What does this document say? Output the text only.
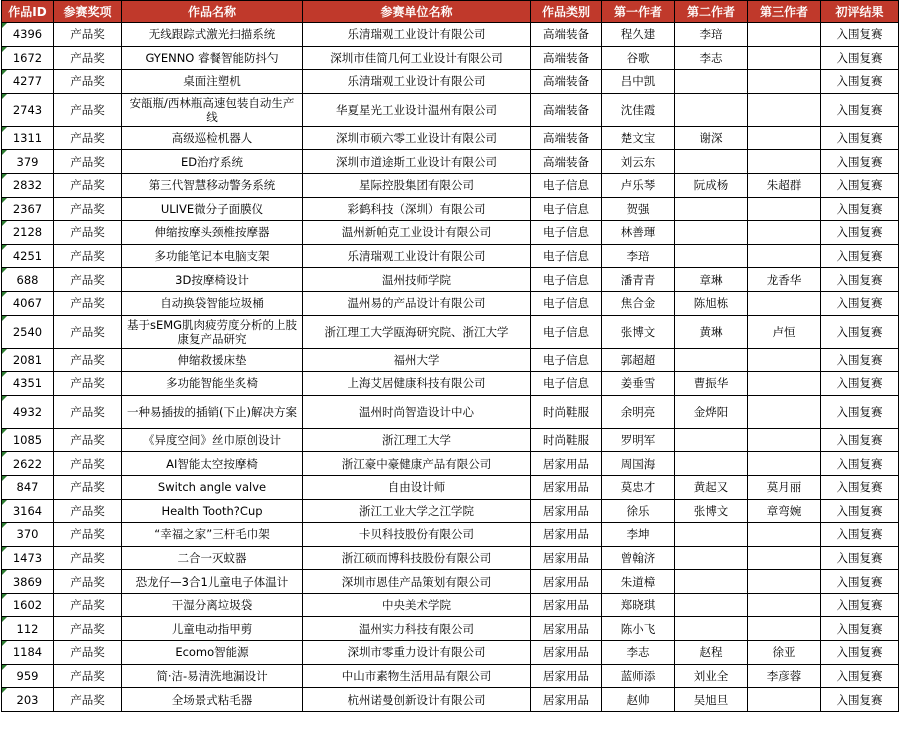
作品ID	参赛奖项	作品名称	参赛单位名称	作品类别	第一作者	第二作者	第三作者	初评结果
4396	产品奖	无线跟踪式激光扫描系统	乐清瑞观工业设计有限公司	高端装备	程久建	李琣		入围复赛
1672	产品奖	GYENNO 睿餐智能防抖勺	深圳市佳简几何工业设计有限公司	高端装备	谷歌	李志		入围复赛
4277	产品奖	桌面注塑机	乐清瑞观工业设计有限公司	高端装备	吕中凯			入围复赛
2743	产品奖	安瓿瓶/西林瓶高速包装自动生产线	华夏星光工业设计温州有限公司	高端装备	沈佳霞			入围复赛
1311	产品奖	高级巡检机器人	深圳市硕六零工业设计有限公司	高端装备	楚文宝	谢深		入围复赛
379	产品奖	ED治疗系统	深圳市道途斯工业设计有限公司	高端装备	刘云东			入围复赛
2832	产品奖	第三代智慧移动警务系统	星际控股集团有限公司	电子信息	卢乐琴	阮成杨	朱超群	入围复赛
2367	产品奖	ULIVE微分子面膜仪	彩鹤科技（深圳）有限公司	电子信息	贺强			入围复赛
2128	产品奖	伸缩按摩头颈椎按摩器	温州新帕克工业设计有限公司	电子信息	林善琿			入围复赛
4251	产品奖	多功能笔记本电脑支架	乐清瑞观工业设计有限公司	电子信息	李琣			入围复赛
688	产品奖	3D按摩椅设计	温州技师学院	电子信息	潘青青	章琳	龙香华	入围复赛
4067	产品奖	自动换袋智能垃圾桶	温州易的产品设计有限公司	电子信息	焦合金	陈旭栋		入围复赛
2540	产品奖	基于sEMG肌肉疲劳度分析的上肢康复产品研究	浙江理工大学瓯海研究院、浙江大学	电子信息	张博文	黄琳	卢恒	入围复赛
2081	产品奖	伸缩救援床垫	福州大学	电子信息	郭超超			入围复赛
4351	产品奖	多功能智能坐炙椅	上海艾居健康科技有限公司	电子信息	姜垂雪	曹振华		入围复赛
4932	产品奖	一种易插拔的插销(下止)解决方案	温州时尚智造设计中心	时尚鞋服	余明亮	金烨阳		入围复赛
1085	产品奖	《异度空间》丝巾原创设计	浙江理工大学	时尚鞋服	罗明军			入围复赛
2622	产品奖	AI智能太空按摩椅	浙江豪中豪健康产品有限公司	居家用品	周国海			入围复赛
847	产品奖	Switch angle valve	自由设计师	居家用品	莫忠才	黄起又	莫月丽	入围复赛
3164	产品奖	Health Tooth?Cup	浙江工业大学之江学院	居家用品	徐乐	张博文	章弯婉	入围复赛
370	产品奖	“幸福之家”三杆毛巾架	卡贝科技股份有限公司	居家用品	李坤			入围复赛
1473	产品奖	二合一灭蚊器	浙江硕而博科技股份有限公司	居家用品	曾翰济			入围复赛
3869	产品奖	恐龙仔—3合1儿童电子体温计	深圳市恩佳产品策划有限公司	居家用品	朱道樟			入围复赛
1602	产品奖	干湿分离垃圾袋	中央美术学院	居家用品	郑晓琪			入围复赛
112	产品奖	儿童电动指甲剪	温州实力科技有限公司	居家用品	陈小飞			入围复赛
1184	产品奖	Ecomo智能源	深圳市零重力设计有限公司	居家用品	李志	赵程	徐亚	入围复赛
959	产品奖	简·洁-易清洗地漏设计	中山市素物生活用品有限公司	居家用品	蓝师添	刘业全	李彦蓉	入围复赛
203	产品奖	全场景式粘毛器	杭州诺曼创新设计有限公司	居家用品	赵帅	吴旭旦		入围复赛
